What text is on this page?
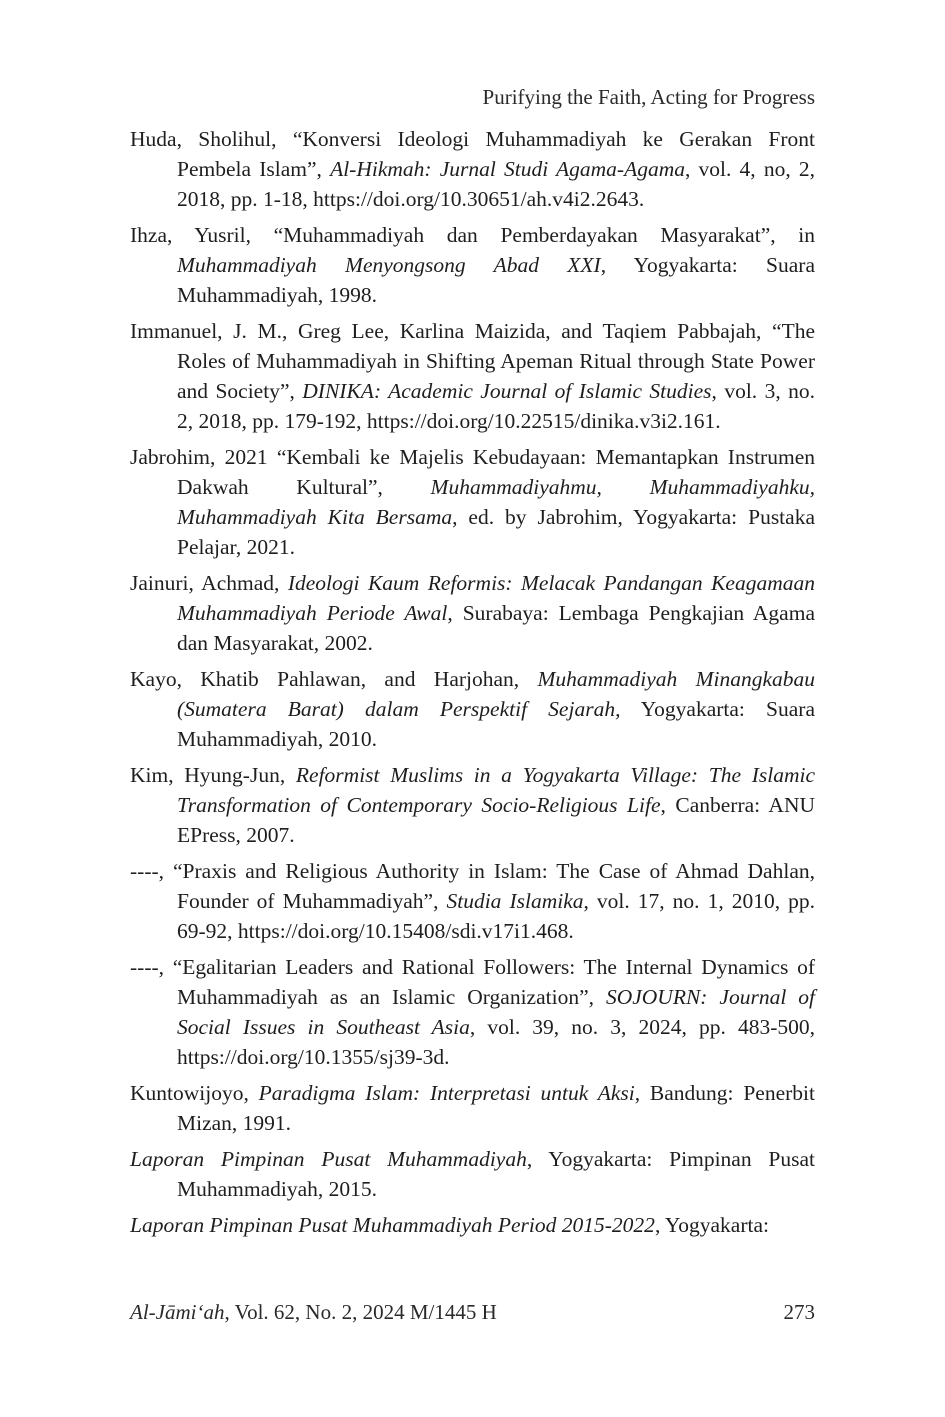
Purifying the Faith, Acting for Progress

Huda, Sholihul, “Konversi Ideologi Muhammadiyah ke Gerakan Front Pembela Islam”, Al-Hikmah: Jurnal Studi Agama-Agama, vol. 4, no, 2, 2018, pp. 1-18, https://doi.org/10.30651/ah.v4i2.2643.

Ihza, Yusril, “Muhammadiyah dan Pemberdayakan Masyarakat”, in Muhammadiyah Menyongsong Abad XXI, Yogyakarta: Suara Muhammadiyah, 1998.

Immanuel, J. M., Greg Lee, Karlina Maizida, and Taqiem Pabbajah, “The Roles of Muhammadiyah in Shifting Apeman Ritual through State Power and Society”, DINIKA: Academic Journal of Islamic Studies, vol. 3, no. 2, 2018, pp. 179-192, https://doi.org/10.22515/dinika.v3i2.161.

Jabrohim, 2021 “Kembali ke Majelis Kebudayaan: Memantapkan Instrumen Dakwah Kultural”, Muhammadiyahmu, Muhammadiyahku, Muhammadiyah Kita Bersama, ed. by Jabrohim, Yogyakarta: Pustaka Pelajar, 2021.

Jainuri, Achmad, Ideologi Kaum Reformis: Melacak Pandangan Keagamaan Muhammadiyah Periode Awal, Surabaya: Lembaga Pengkajian Agama dan Masyarakat, 2002.

Kayo, Khatib Pahlawan, and Harjohan, Muhammadiyah Minangkabau (Sumatera Barat) dalam Perspektif Sejarah, Yogyakarta: Suara Muhammadiyah, 2010.

Kim, Hyung-Jun, Reformist Muslims in a Yogyakarta Village: The Islamic Transformation of Contemporary Socio-Religious Life, Canberra: ANU EPress, 2007.

----, “Praxis and Religious Authority in Islam: The Case of Ahmad Dahlan, Founder of Muhammadiyah”, Studia Islamika, vol. 17, no. 1, 2010, pp. 69-92, https://doi.org/10.15408/sdi.v17i1.468.

----, “Egalitarian Leaders and Rational Followers: The Internal Dynamics of Muhammadiyah as an Islamic Organization”, SOJOURN: Journal of Social Issues in Southeast Asia, vol. 39, no. 3, 2024, pp. 483-500, https://doi.org/10.1355/sj39-3d.

Kuntowijoyo, Paradigma Islam: Interpretasi untuk Aksi, Bandung: Penerbit Mizan, 1991.

Laporan Pimpinan Pusat Muhammadiyah, Yogyakarta: Pimpinan Pusat Muhammadiyah, 2015.

Laporan Pimpinan Pusat Muhammadiyah Period 2015-2022, Yogyakarta:

Al-Jāmi‘ah, Vol. 62, No. 2, 2024 M/1445 H	273
